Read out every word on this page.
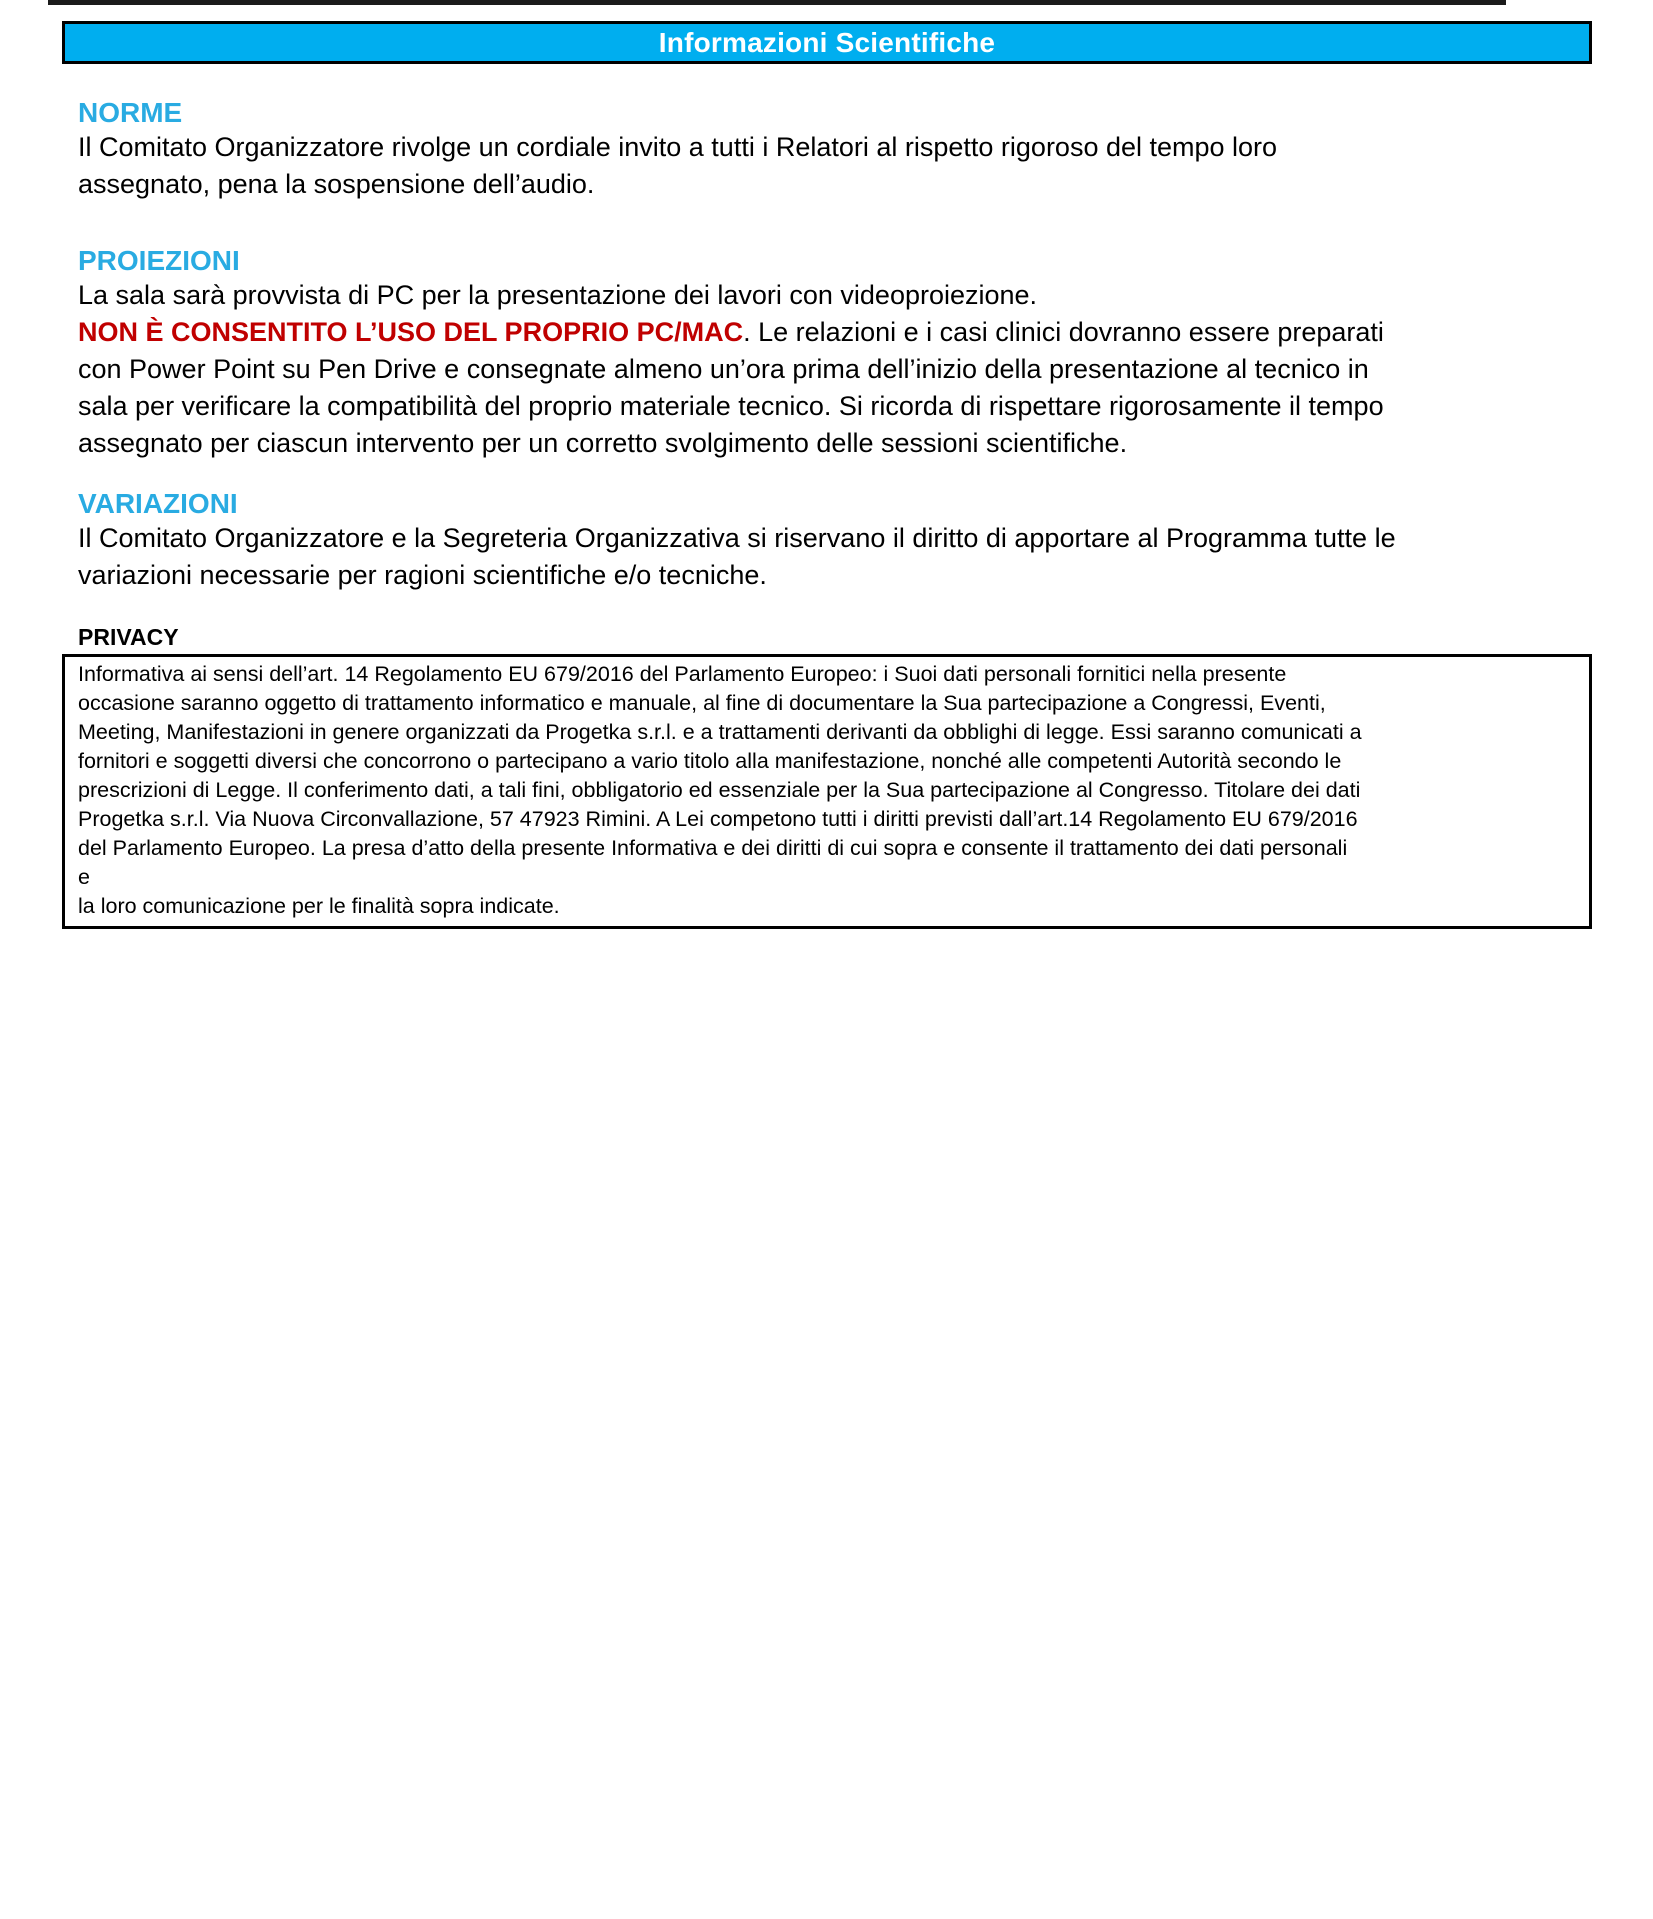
Informazioni Scientifiche
NORME
Il Comitato Organizzatore rivolge un cordiale invito a tutti i Relatori al rispetto rigoroso del tempo loro
assegnato, pena la sospensione dell’audio.
PROIEZIONI
La sala sarà provvista di PC per la presentazione dei lavori con videoproiezione.
NON È CONSENTITO L’USO DEL PROPRIO PC/MAC. Le relazioni e i casi clinici dovranno essere preparati
con Power Point su Pen Drive e consegnate almeno un’ora prima dell’inizio della presentazione al tecnico in
sala per verificare la compatibilità del proprio materiale tecnico. Si ricorda di rispettare rigorosamente il tempo
assegnato per ciascun intervento per un corretto svolgimento delle sessioni scientifiche.
VARIAZIONI
Il Comitato Organizzatore e la Segreteria Organizzativa si riservano il diritto di apportare al Programma tutte le
variazioni necessarie per ragioni scientifiche e/o tecniche.
PRIVACY
Informativa ai sensi dell’art. 14 Regolamento EU 679/2016 del Parlamento Europeo: i Suoi dati personali fornitici nella presente
occasione saranno oggetto di trattamento informatico e manuale, al fine di documentare la Sua partecipazione a Congressi, Eventi,
Meeting, Manifestazioni in genere organizzati da Progetka s.r.l. e a trattamenti derivanti da obblighi di legge. Essi saranno comunicati a
fornitori e soggetti diversi che concorrono o partecipano a vario titolo alla manifestazione, nonché alle competenti Autorità secondo le
prescrizioni di Legge. Il conferimento dati, a tali fini, obbligatorio ed essenziale per la Sua partecipazione al Congresso. Titolare dei dati
Progetka s.r.l. Via Nuova Circonvallazione, 57 47923 Rimini. A Lei competono tutti i diritti previsti dall’art.14 Regolamento EU 679/2016
del Parlamento Europeo. La presa d’atto della presente Informativa e dei diritti di cui sopra e consente il trattamento dei dati personali
e
la loro comunicazione per le finalità sopra indicate.
